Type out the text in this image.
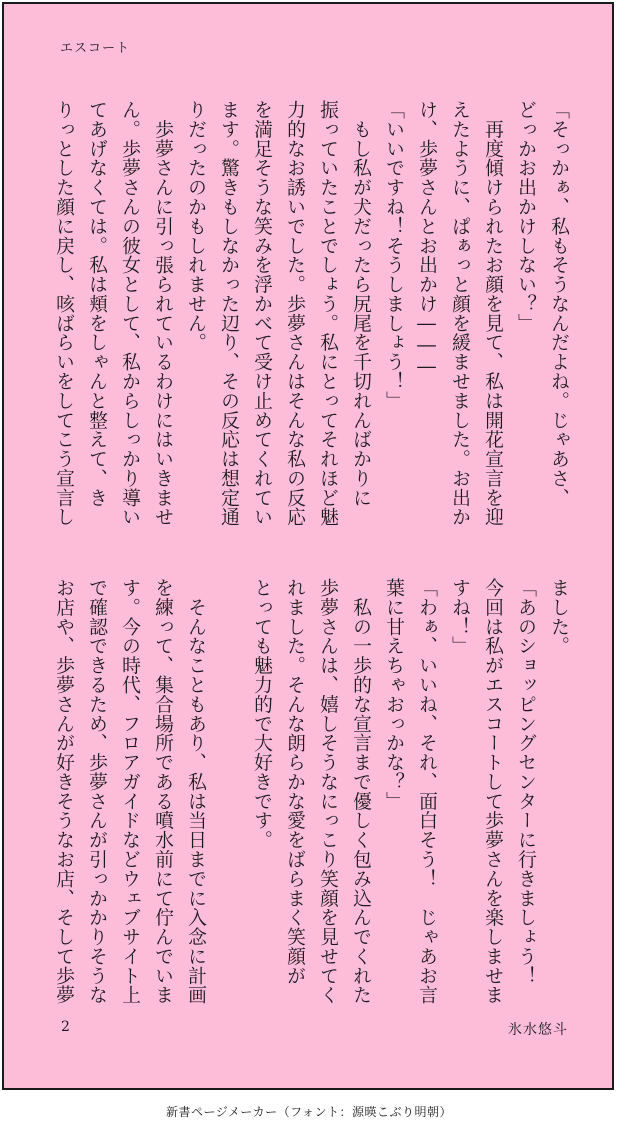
エスコート
「そっかぁ、私もそうなんだよね。じゃあさ、
どっかお出かけしない？」
　再度傾けられたお顔を見て、私は開花宣言を迎
えたように、ぱぁっと顔を緩ませました。お出か
け、歩夢さんとお出かけ―――
「いいですね！そうしましょう！」
　もし私が犬だったら尻尾を千切れんばかりに
振っていたことでしょう。私にとってそれほど魅
力的なお誘いでした。歩夢さんはそんな私の反応
を満足そうな笑みを浮かべて受け止めてくれてい
ます。驚きもしなかった辺り、その反応は想定通
りだったのかもしれません。
　歩夢さんに引っ張られているわけにはいきませ
ん。歩夢さんの彼女として、私からしっかり導い
てあげなくては。私は頬をしゃんと整えて、き
りっとした顔に戻し、咳ばらいをしてこう宣言し
ました。
「あのショッピングセンターに行きましょう！
今回は私がエスコートして歩夢さんを楽しませま
すね！」
「わぁ、いいね、それ、面白そう！　じゃあお言
葉に甘えちゃおっかな？」
　私の一歩的な宣言まで優しく包み込んでくれた
歩夢さんは、嬉しそうなにっこり笑顔を見せてく
れました。そんな朗らかな愛をばらまく笑顔が
とっても魅力的で大好きです。
　そんなこともあり、私は当日までに入念に計画
を練って、集合場所である噴水前にて佇んでいま
す。今の時代、フロアガイドなどウェブサイト上
で確認できるため、歩夢さんが引っかかりそうな
お店や、歩夢さんが好きそうなお店、そして歩夢
2	氷水悠斗
新書ページメーカー（フォント：源暎こぶり明朝）
